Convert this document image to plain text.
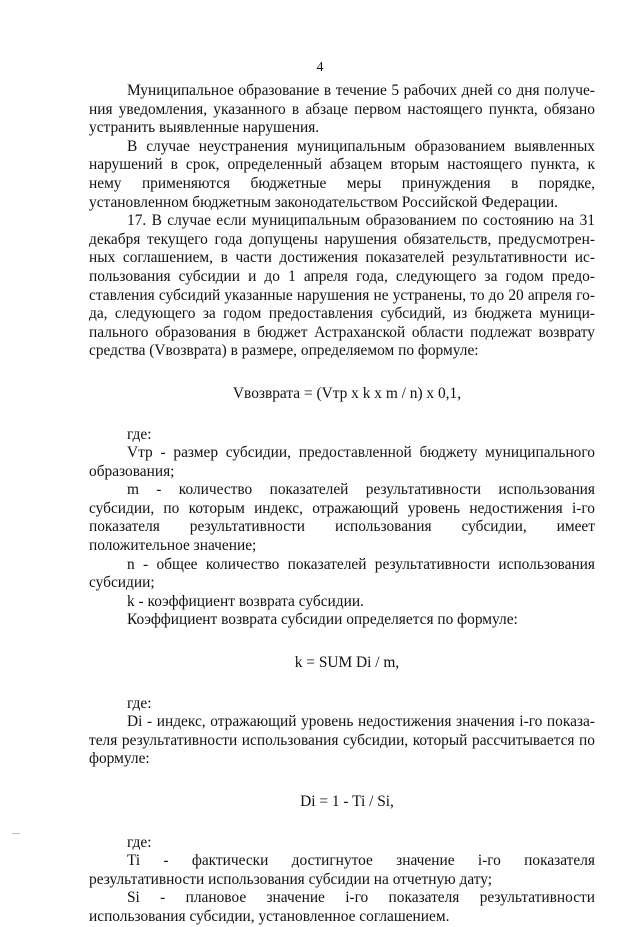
4

Муниципальное образование в течение 5 рабочих дней со дня получения уведомления, указанного в абзаце первом настоящего пункта, обязано устранить выявленные нарушения.

В случае неустранения муниципальным образованием выявленных нарушений в срок, определенный абзацем вторым настоящего пункта, к нему применяются бюджетные меры принуждения в порядке, установленном бюджетным законодательством Российской Федерации.

17. В случае если муниципальным образованием по состоянию на 31 декабря текущего года допущены нарушения обязательств, предусмотренных соглашением, в части достижения показателей результативности использования субсидии и до 1 апреля года, следующего за годом предоставления субсидий указанные нарушения не устранены, то до 20 апреля года, следующего за годом предоставления субсидий, из бюджета муниципального образования в бюджет Астраханской области подлежат возврату средства (Vвозврата) в размере, определяемом по формуле:

Vвозврата = (Vтр х k х m / n) х 0,1,

где:

Vтр - размер субсидии, предоставленной бюджету муниципального образования;

m - количество показателей результативности использования субсидии, по которым индекс, отражающий уровень недостижения i-го показателя результативности использования субсидии, имеет положительное значение;

n - общее количество показателей результативности использования субсидии;

k - коэффициент возврата субсидии.

Коэффициент возврата субсидии определяется по формуле:

k = SUM Di / m,

где:

Di - индекс, отражающий уровень недостижения значения i-го показателя результативности использования субсидии, который рассчитывается по формуле:

Di = 1 - Ti / Si,

где:

Ti - фактически достигнутое значение i-го показателя результативности использования субсидии на отчетную дату;

Si - плановое значение i-го показателя результативности использования субсидии, установленное соглашением.
